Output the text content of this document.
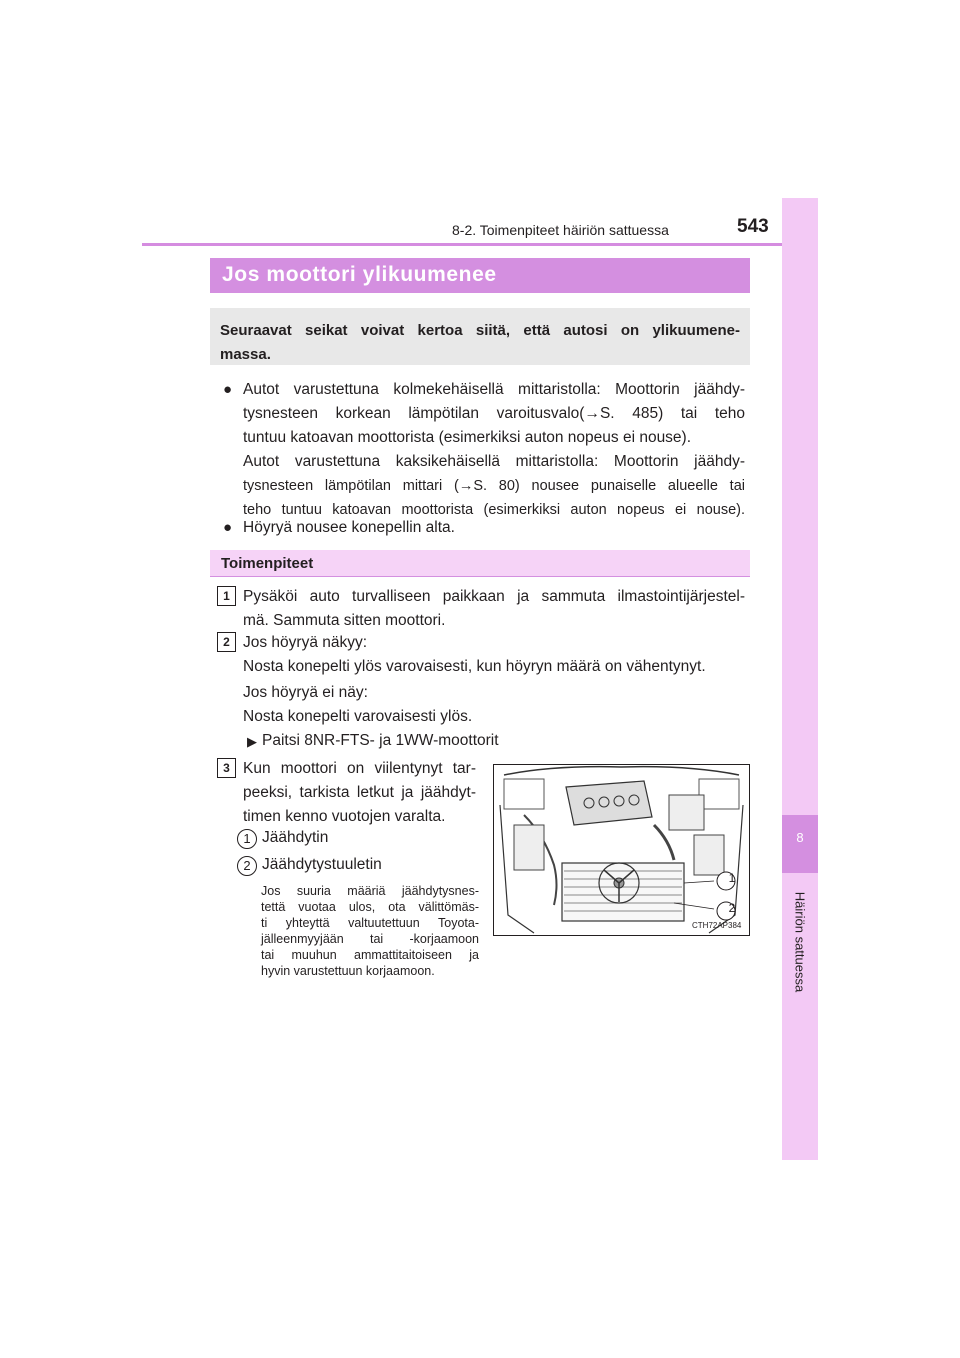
8-2. Toimenpiteet häiriön sattuessa	543
8
Häiriön sattuessa
Jos moottori ylikuumenee
Seuraavat seikat voivat kertoa siitä, että autosi on ylikuumene-
massa.
● Autot varustettuna kolmekehäisellä mittaristolla: Moottorin jäähdy-
tysnesteen korkean lämpötilan varoitusvalo(→S. 485) tai teho
tuntuu katoavan moottorista (esimerkiksi auton nopeus ei nouse).
Autot varustettuna kaksikehäisellä mittaristolla: Moottorin jäähdy-
tysnesteen lämpötilan mittari (→S. 80) nousee punaiselle alueelle tai
teho tuntuu katoavan moottorista (esimerkiksi auton nopeus ei nouse).
● Höyryä nousee konepellin alta.
Toimenpiteet
1 Pysäköi auto turvalliseen paikkaan ja sammuta ilmastointijärjestel-
mä. Sammuta sitten moottori.
2 Jos höyryä näkyy:
Nosta konepelti ylös varovaisesti, kun höyryn määrä on vähentynyt.
Jos höyryä ei näy:
Nosta konepelti varovaisesti ylös.
▶ Paitsi 8NR-FTS- ja 1WW-moottorit
3 Kun moottori on viilentynyt tar-
peeksi, tarkista letkut ja jäähdyt-
timen kenno vuotojen varalta.
1 Jäähdytin
2 Jäähdytystuuletin
Jos suuria määriä jäähdytysnes-
tettä vuotaa ulos, ota välittömäs-
ti yhteyttä valtuutettuun Toyota-
jälleenmyyjään tai -korjaamoon
tai muuhun ammattitaitoiseen ja
hyvin varustettuun korjaamoon.
1
2
CTH72AP384
